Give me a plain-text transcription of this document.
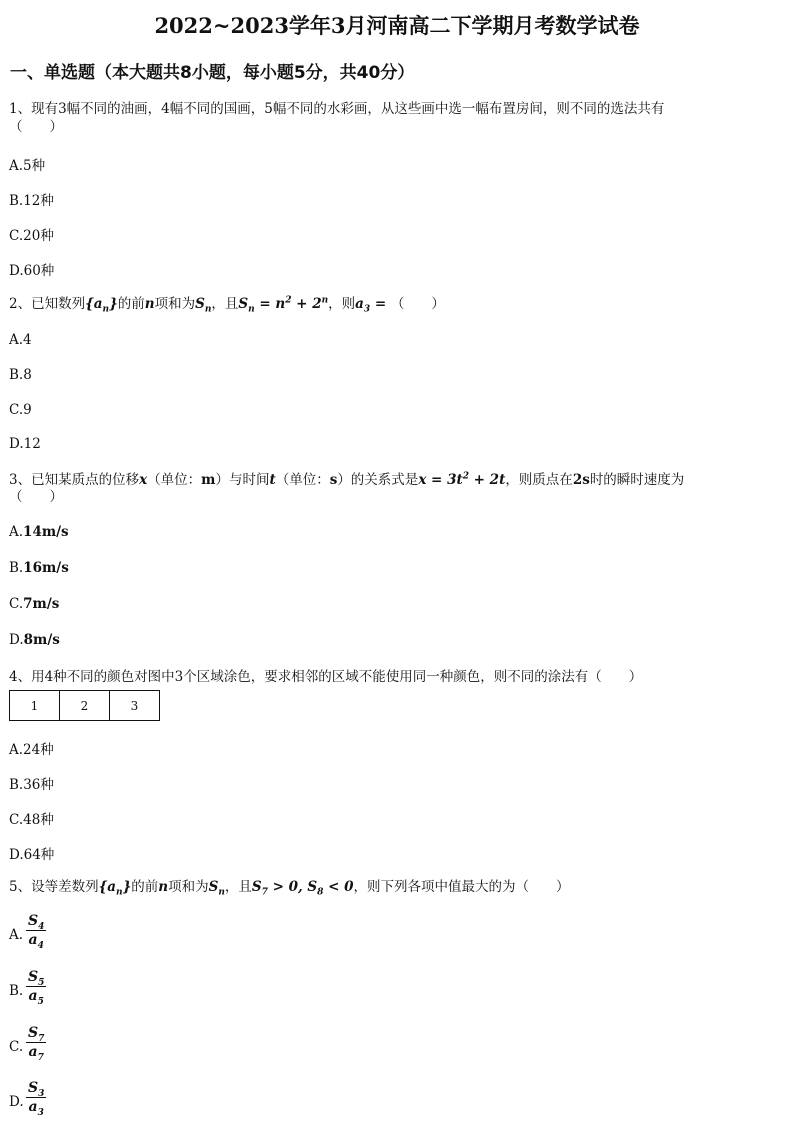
2022~2023学年3月河南高二下学期月考数学试卷
一、单选题（本大题共8小题，每小题5分，共40分）
1、现有3幅不同的油画，4幅不同的国画，5幅不同的水彩画，从这些画中选一幅布置房间，则不同的选法共有
（　　）
A.5种
B.12种
C.20种
D.60种
2、已知数列$\{a_n\}$的前n项和为$S_n$，且$S_n = n^2 + 2^n$，则$a_3$ = （　　）
A.4
B.8
C.9
D.12
3、已知某质点的位移x（单位：m）与时间t（单位：s）的关系式是$x = 3t^2 + 2t$，则质点在2s时的瞬时速度为
（　　）
A.14m/s
B.16m/s
C.7m/s
D.8m/s
4、用4种不同的颜色对图中3个区域涂色，要求相邻的区域不能使用同一种颜色，则不同的涂法有（　　）
1	2	3
A.24种
B.36种
C.48种
D.64种
5、设等差数列$\{a_n\}$的前n项和为$S_n$，且$S_7 > 0$, $S_8 < 0$，则下列各项中值最大的为（　　）
A. $\frac{S_4}{a_4}$
B. $\frac{S_5}{a_5}$
C. $\frac{S_7}{a_7}$
D. $\frac{S_3}{a_3}$
